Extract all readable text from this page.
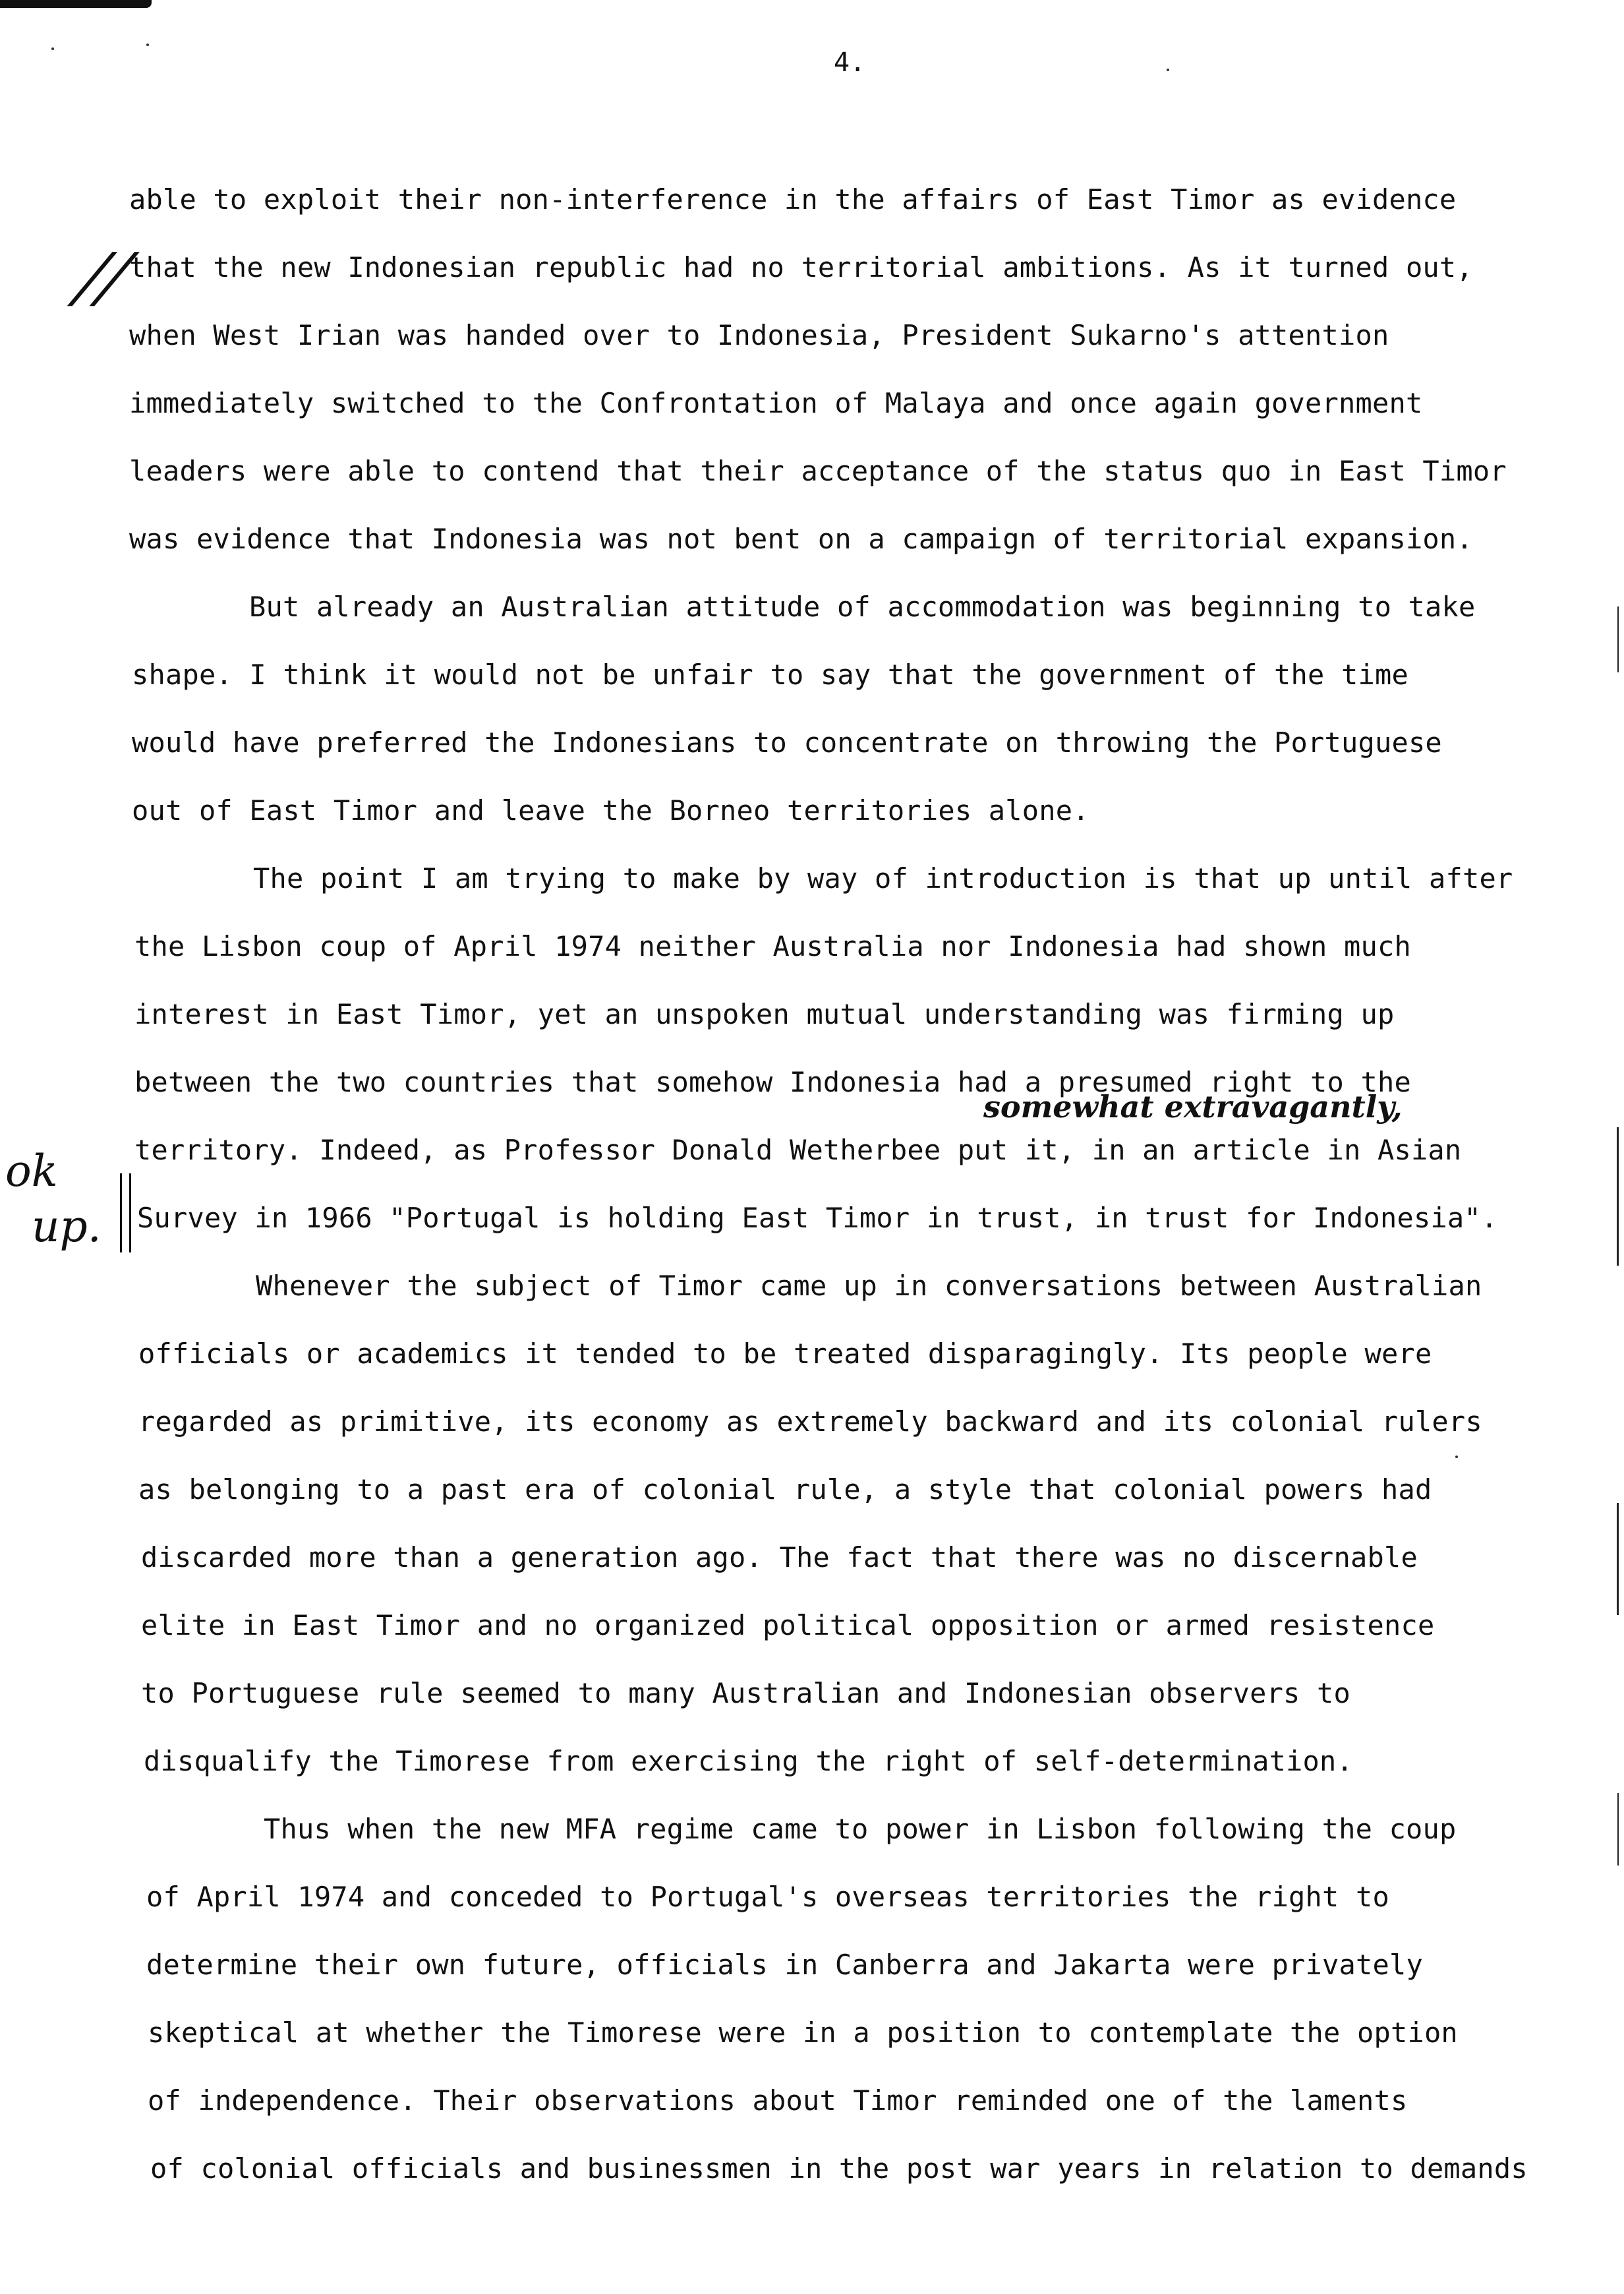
4.
//
ok
up.
somewhat extravagantly,
able to exploit their non-interference in the affairs of East Timor as evidence
that the new Indonesian republic had no territorial ambitions. As it turned out,
when West Irian was handed over to Indonesia, President Sukarno's attention
immediately switched to the Confrontation of Malaya and once again government
leaders were able to contend that their acceptance of the status quo in East Timor
was evidence that Indonesia was not bent on a campaign of territorial expansion.
But already an Australian attitude of accommodation was beginning to take
shape. I think it would not be unfair to say that the government of the time
would have preferred the Indonesians to concentrate on throwing the Portuguese
out of East Timor and leave the Borneo territories alone.
The point I am trying to make by way of introduction is that up until after
the Lisbon coup of April 1974 neither Australia nor Indonesia had shown much
interest in East Timor, yet an unspoken mutual understanding was firming up
between the two countries that somehow Indonesia had a presumed right to the
territory. Indeed, as Professor Donald Wetherbee put it, in an article in Asian
Survey in 1966 "Portugal is holding East Timor in trust, in trust for Indonesia".
Whenever the subject of Timor came up in conversations between Australian
officials or academics it tended to be treated disparagingly. Its people were
regarded as primitive, its economy as extremely backward and its colonial rulers
as belonging to a past era of colonial rule, a style that colonial powers had
discarded more than a generation ago. The fact that there was no discernable
elite in East Timor and no organized political opposition or armed resistence
to Portuguese rule seemed to many Australian and Indonesian observers to
disqualify the Timorese from exercising the right of self-determination.
Thus when the new MFA regime came to power in Lisbon following the coup
of April 1974 and conceded to Portugal's overseas territories the right to
determine their own future, officials in Canberra and Jakarta were privately
skeptical at whether the Timorese were in a position to contemplate the option
of independence. Their observations about Timor reminded one of the laments
of colonial officials and businessmen in the post war years in relation to demands
